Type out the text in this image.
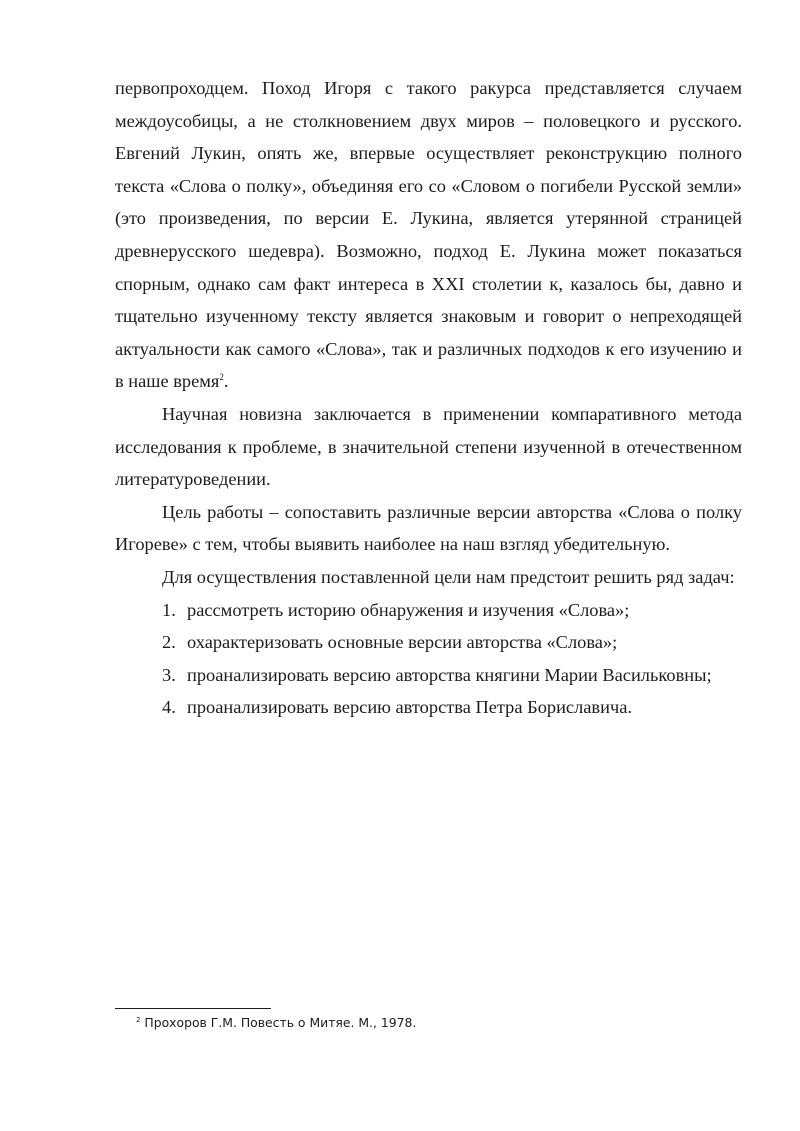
первопроходцем. Поход Игоря с такого ракурса представляется случаем междоусобицы, а не столкновением двух миров – половецкого и русского. Евгений Лукин, опять же, впервые осуществляет реконструкцию полного текста «Слова о полку», объединяя его со «Словом о погибели Русской земли» (это произведения, по версии Е. Лукина, является утерянной страницей древнерусского шедевра). Возможно, подход Е. Лукина может показаться спорным, однако сам факт интереса в XXI столетии к, казалось бы, давно и тщательно изученному тексту является знаковым и говорит о непреходящей актуальности как самого «Слова», так и различных подходов к его изучению и в наше время$^2$.

Научная новизна заключается в применении компаративного метода исследования к проблеме, в значительной степени изученной в отечественном литературоведении.

Цель работы – сопоставить различные версии авторства «Слова о полку Игореве» с тем, чтобы выявить наиболее на наш взгляд убедительную.

Для осуществления поставленной цели нам предстоит решить ряд задач:

1. рассмотреть историю обнаружения и изучения «Слова»;
2. охарактеризовать основные версии авторства «Слова»;
3. проанализировать версию авторства княгини Марии Васильковны;
4. проанализировать версию авторства Петра Бориславича.
$^2$ Прохоров Г.М. Повесть о Митяе. М., 1978.
